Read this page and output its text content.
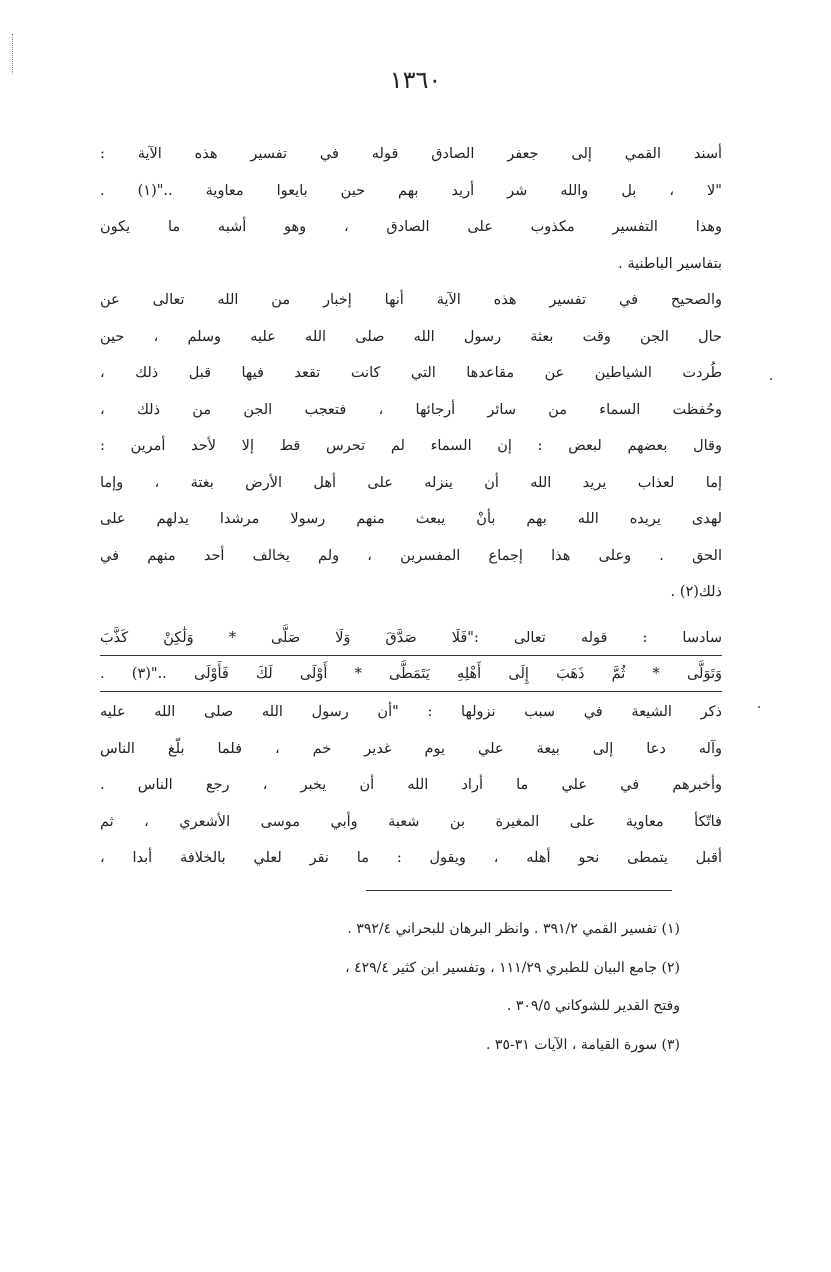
١٣٦٠
أسند القمي إلى جعفر الصادق قوله في تفسير هذه الآية :
"لا ، بل والله شر أريد بهم حين بايعوا معاوية .."(١) .
وهذا التفسير مكذوب على الصادق ، وهو أشبه ما يكون
بتفاسير الباطنية .
والصحيح في تفسير هذه الآية أنها إخبار من الله تعالى عن
حال الجن وقت بعثة رسول الله صلى الله عليه وسلم ، حين
طُردت الشياطين عن مقاعدها التي كانت تقعد فيها قبل ذلك ،
وحُفظت السماء من سائر أرجائها ، فتعجب الجن من ذلك ،
وقال بعضهم لبعض : إن السماء لم تحرس قط إلا لأحد أمرين :
إما لعذاب يريد الله أن ينزله على أهل الأرض بغتة ، وإما
لهدى يريده الله بهم بأنْ يبعث منهم رسولا مرشدا يدلهم على
الحق . وعلى هذا إجماع المفسرين ، ولم يخالف أحد منهم في
ذلك(٢) .
سادسا : قوله تعالى :"فَلَا صَدَّقَ وَلَا صَلَّى * وَلَٰكِنْ كَذَّبَ
وَتَوَلَّى * ثُمَّ ذَهَبَ إِلَى أَهْلِهِ يَتَمَطَّى * أَوْلَى لَكَ فَأَوْلَى .."(٣) .
ذكر الشيعة في سبب نزولها : "أن رسول الله صلى الله عليه
وآله دعا إلى بيعة علي يوم غدير خم ، فلما بلّغ الناس
وأخبرهم في علي ما أراد الله أن يخبر ، رجع الناس .
فاتّكأ معاوية على المغيرة بن شعبة وأبي موسى الأشعري ، ثم
أقبل يتمطى نحو أهله ، ويقول : ما نقر لعلي بالخلافة أبدا ،
(١) تفسير القمي ٣٩١/٢ . وانظر البرهان للبحراني ٣٩٢/٤ .
(٢) جامع البيان للطبري ١١١/٢٩ ، وتفسير ابن كثير ٤٢٩/٤ ،
وفتح القدير للشوكاني ٣٠٩/٥ .
(٣) سورة القيامة ، الآيات ٣١-٣٥ .
